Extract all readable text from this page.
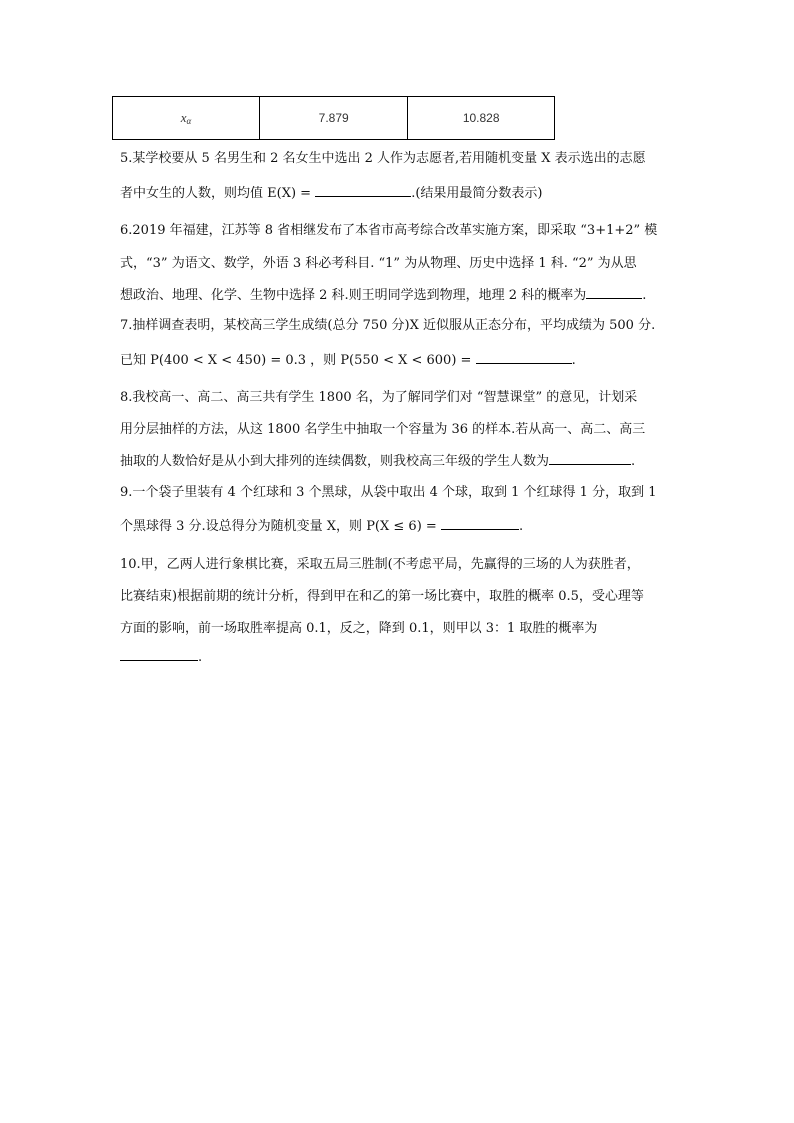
$x_\alpha$	7.879	10.828

5.某学校要从 5 名男生和 2 名女生中选出 2 人作为志愿者,若用随机变量 X 表示选出的志愿

者中女生的人数，则均值 E(X) =	.(结果用最简分数表示)

6.2019 年福建，江苏等 8 省相继发布了本省市高考综合改革实施方案，即采取 “3+1+2” 模

式，“3” 为语文、数学，外语 3 科必考科目. “1” 为从物理、历史中选择 1 科. “2” 为从思

想政治、地理、化学、生物中选择 2 科.则王明同学选到物理，地理 2 科的概率为	.

7.抽样调查表明，某校高三学生成绩(总分 750 分)X 近似服从正态分布，平均成绩为 500 分.

已知 P(400 < X < 450) = 0.3 ，则 P(550 < X < 600) =	.

8.我校高一、高二、高三共有学生 1800 名，为了解同学们对 “智慧课堂” 的意见，计划采

用分层抽样的方法，从这 1800 名学生中抽取一个容量为 36 的样本.若从高一、高二、高三

抽取的人数恰好是从小到大排列的连续偶数，则我校高三年级的学生人数为	.

9.一个袋子里装有 4 个红球和 3 个黑球，从袋中取出 4 个球，取到 1 个红球得 1 分，取到 1

个黑球得 3 分.设总得分为随机变量 X，则 P(X ≤ 6) =	.

10.甲，乙两人进行象棋比赛，采取五局三胜制(不考虑平局，先赢得的三场的人为获胜者，

比赛结束)根据前期的统计分析，得到甲在和乙的第一场比赛中，取胜的概率 0.5，受心理等

方面的影响，前一场取胜率提高 0.1，反之，降到 0.1，则甲以 3：1 取胜的概率为

.
